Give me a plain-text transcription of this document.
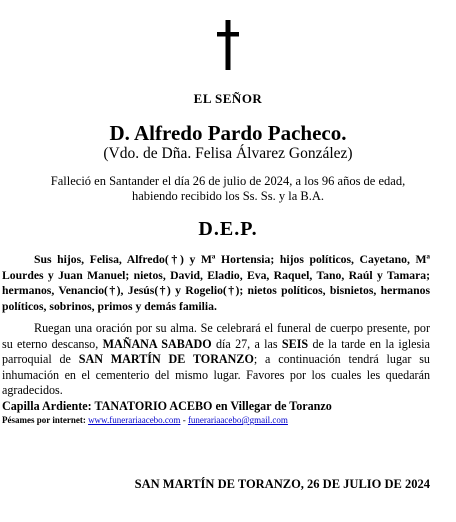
EL SEÑOR
D. Alfredo Pardo Pacheco.
(Vdo. de Dña. Felisa Álvarez González)
Falleció en Santander el día 26 de julio de 2024, a los 96 años de edad,
habiendo recibido los Ss. Ss. y la B.A.
D.E.P.
Sus hijos, Felisa, Alfredo(†) y Mª Hortensia; hijos políticos, Cayetano, Mª Lourdes y Juan Manuel; nietos, David, Eladio, Eva, Raquel, Tano, Raúl y Tamara; hermanos, Venancio(†), Jesús(†) y Rogelio(†); nietos políticos, bisnietos, hermanos políticos, sobrinos, primos y demás familia.
Ruegan una oración por su alma. Se celebrará el funeral de cuerpo presente, por su eterno descanso, MAÑANA SABADO día 27, a las SEIS de la tarde en la iglesia parroquial de SAN MARTÍN DE TORANZO; a continuación tendrá lugar su inhumación en el cementerio del mismo lugar. Favores por los cuales les quedarán agradecidos.
Capilla Ardiente: TANATORIO ACEBO en Villegar de Toranzo
Pésames por internet: www.funerariaacebo.com - funerariaacebo@gmail.com
SAN MARTÍN DE TORANZO, 26 DE JULIO DE 2024
